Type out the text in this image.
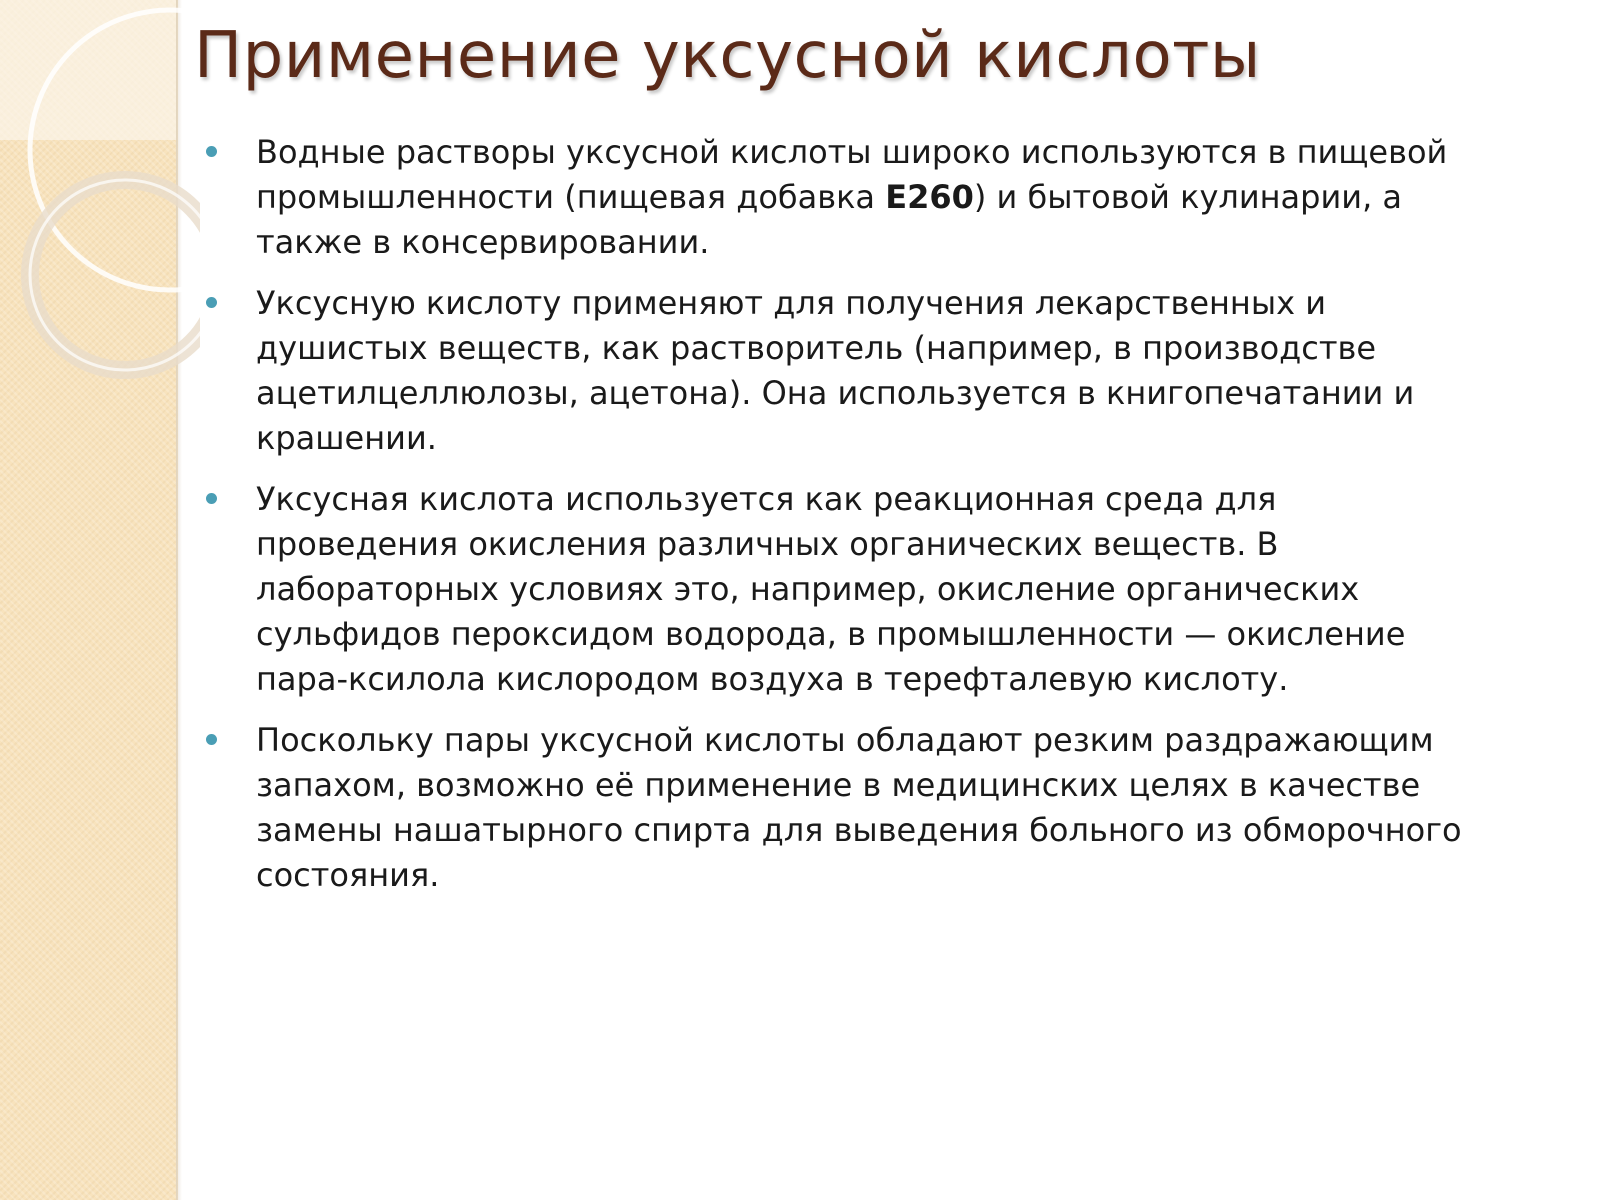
Применение уксусной кислоты
Водные растворы уксусной кислоты широко используются в пищевой промышленности (пищевая добавка E260) и бытовой кулинарии, а также в консервировании.
Уксусную кислоту применяют для получения лекарственных и душистых веществ, как растворитель (например, в производстве ацетилцеллюлозы, ацетона). Она используется в книгопечатании и крашении.
Уксусная кислота используется как реакционная среда для проведения окисления различных органических веществ. В лабораторных условиях это, например, окисление органических сульфидов пероксидом водорода, в промышленности — окисление пара-ксилола кислородом воздуха в терефталевую кислоту.
Поскольку пары уксусной кислоты обладают резким раздражающим запахом, возможно её применение в медицинских целях в качестве замены нашатырного спирта для выведения больного из обморочного состояния.
